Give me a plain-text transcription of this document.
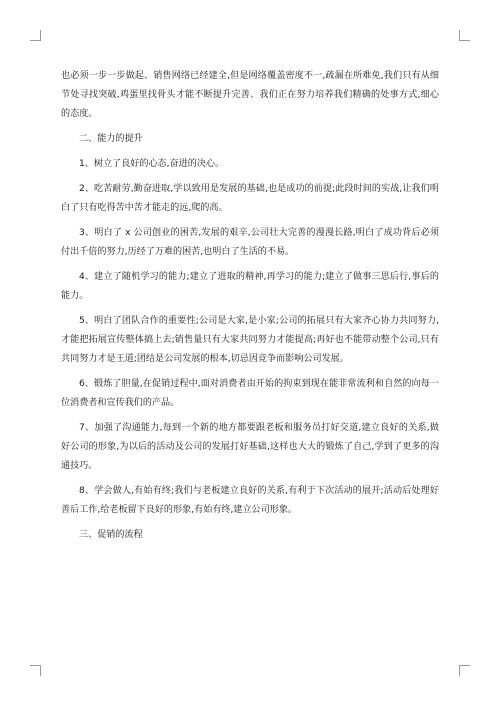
也必须一步一步做起、销售网络已经建全,但是网络覆盖密度不一,疏漏在所难免,我们只有从细节处寻找突破,鸡蛋里找骨头才能不断提升完善、我们正在努力培养我们精确的处事方式,细心的态度。

二、能力的提升

1、树立了良好的心态,奋进的决心。

2、吃苦耐劳,勤奋进取,学以致用是发展的基础,也是成功的前提;此段时间的实战,让我们明白了只有吃得苦中苦才能走的远,爬的高。

3、明白了 x 公司创业的困苦,发展的艰辛,公司壮大完善的漫漫长路,明白了成功背后必须付出千倍的努力,历经了万难的困苦,也明白了生活的不易。

4、建立了随机学习的能力;建立了进取的精神,再学习的能力;建立了做事三思后行,事后的能力。

5、明白了团队合作的重要性;公司是大家,是小家;公司的拓展只有大家齐心协力共同努力,才能把拓展宣传整体搞上去;销售量只有大家共同努力才能提高;再好也不能带动整个公司,只有共同努力才是王道;团结是公司发展的根本,切忌因竞争而影响公司发展。

6、锻炼了胆量,在促销过程中,面对消费者由开始的拘束到现在能非常流利和自然的向每一位消费者和宣传我们的产品。

7、加强了沟通能力,每到一个新的地方都要跟老板和服务员打好交道,建立良好的关系,做好公司的形象,为以后的活动及公司的发展打好基础,这样也大大的锻炼了自己,学到了更多的沟通技巧。

8、学会做人,有始有终;我们与老板建立良好的关系,有利于下次活动的展开;活动后处理好善后工作,给老板留下良好的形象,有始有终,建立公司形象。

三、促销的流程
